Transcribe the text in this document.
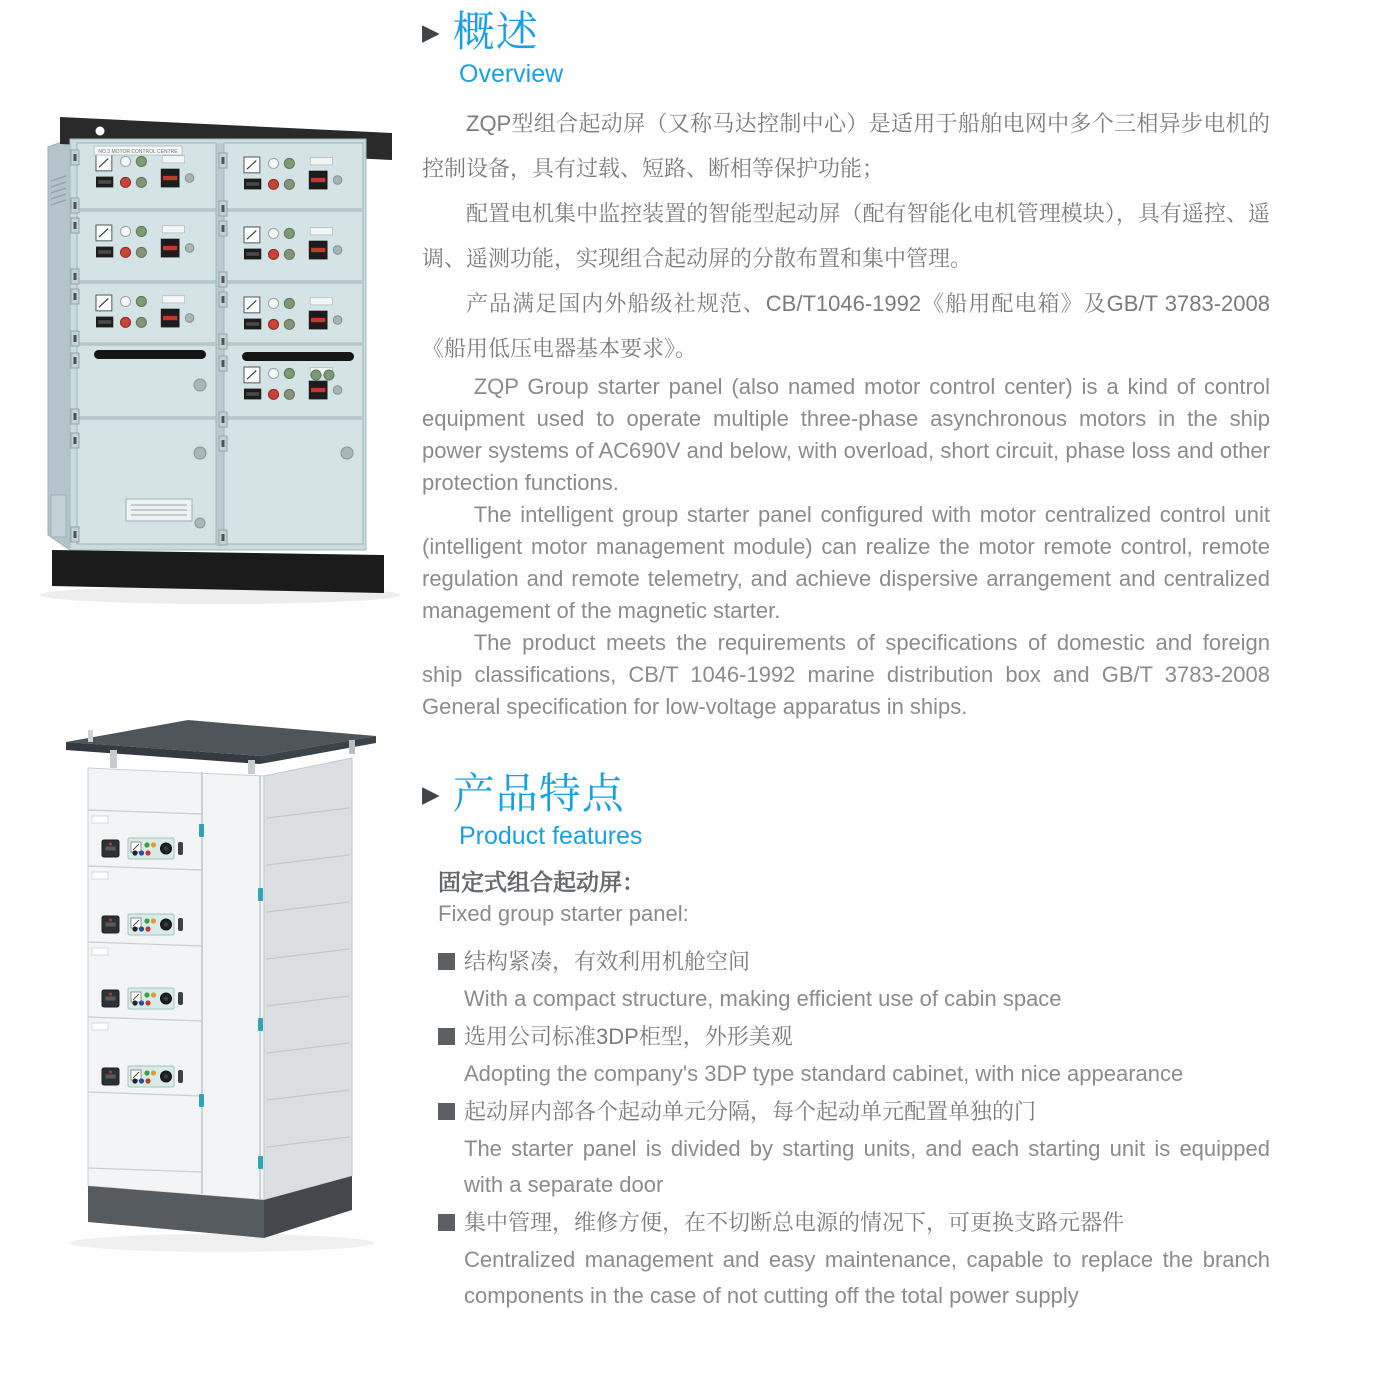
NO.3 MOTOR CONTROL CENTRE
▶ 概述
Overview

ZQP型组合起动屏（又称马达控制中心）是适用于船舶电网中多个三相异步电机的控制设备，具有过载、短路、断相等保护功能；

配置电机集中监控装置的智能型起动屏（配有智能化电机管理模块），具有遥控、遥调、遥测功能，实现组合起动屏的分散布置和集中管理。

产品满足国内外船级社规范、CB/T1046-1992《船用配电箱》及GB/T 3783-2008《船用低压电器基本要求》。

ZQP Group starter panel (also named motor control center) is a kind of control equipment used to operate multiple three-phase asynchronous motors in the ship power systems of AC690V and below, with overload, short circuit, phase loss and other protection functions.

The intelligent group starter panel configured with motor centralized control unit (intelligent motor management module) can realize the motor remote control, remote regulation and remote telemetry, and achieve dispersive arrangement and centralized management of the magnetic starter.

The product meets the requirements of specifications of domestic and foreign ship classifications, CB/T 1046-1992 marine distribution box and GB/T 3783-2008 General specification for low-voltage apparatus in ships.

▶ 产品特点
Product features
固定式组合起动屏：
Fixed group starter panel:
结构紧凑，有效利用机舱空间
With a compact structure, making efficient use of cabin space
选用公司标准3DP柜型，外形美观
Adopting the company's 3DP type standard cabinet, with nice appearance
起动屏内部各个起动单元分隔，每个起动单元配置单独的门
The starter panel is divided by starting units, and each starting unit is equipped with a separate door
集中管理，维修方便，在不切断总电源的情况下，可更换支路元器件
Centralized management and easy maintenance, capable to replace the branch components in the case of not cutting off the total power supply
